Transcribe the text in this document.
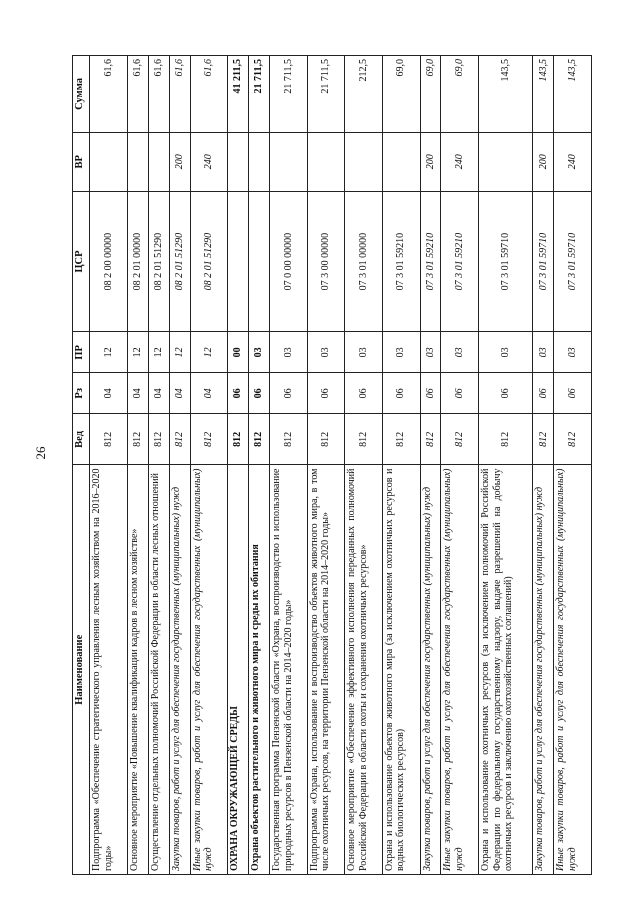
26
Наименование	Вед	Рз	ПР	ЦСР	ВР	Сумма
Подпрограмма «Обеспечение стратегического управления лесным хозяйством на 2016–2020 годы»	812	04	12	08 2 00 00000		61,6
Основное мероприятие «Повышение квалификации кадров в лесном хозяйстве»	812	04	12	08 2 01 00000		61,6
Осуществление отдельных полномочий Российской Федерации в области лесных отношений	812	04	12	08 2 01 51290		61,6
Закупка товаров, работ и услуг для обеспечения государственных (муниципальных) нужд	812	04	12	08 2 01 51290	200	61,6
Иные закупки товаров, работ и услуг для обеспечения государственных (муниципальных) нужд	812	04	12	08 2 01 51290	240	61,6
ОХРАНА ОКРУЖАЮЩЕЙ СРЕДЫ	812	06	00			41 211,5
Охрана объектов растительного и животного мира и среды их обитания	812	06	03			21 711,5
Государственная программа Пензенской области «Охрана, воспроизводство и использование природных ресурсов в Пензенской области на 2014–2020 годы»	812	06	03	07 0 00 00000		21 711,5
Подпрограмма «Охрана, использование и воспроизводство объектов животного мира, в том числе охотничьих ресурсов, на территории Пензенской области на 2014–2020 годы»	812	06	03	07 3 00 00000		21 711,5
Основное мероприятие «Обеспечение эффективного исполнения переданных полномочий Российской Федерации в области охоты и сохранения охотничьих ресурсов»	812	06	03	07 3 01 00000		212,5
Охрана и использование объектов животного мира (за исключением охотничьих ресурсов и водных биологических ресурсов)	812	06	03	07 3 01 59210		69,0
Закупка товаров, работ и услуг для обеспечения государственных (муниципальных) нужд	812	06	03	07 3 01 59210	200	69,0
Иные закупки товаров, работ и услуг для обеспечения государственных (муниципальных) нужд	812	06	03	07 3 01 59210	240	69,0
Охрана и использование охотничьих ресурсов (за исключением полномочий Российской Федерации по федеральному государственному надзору, выдаче разрешений на добычу охотничьих ресурсов и заключению охотхозяйственных соглашений)	812	06	03	07 3 01 59710		143,5
Закупка товаров, работ и услуг для обеспечения государственных (муниципальных) нужд	812	06	03	07 3 01 59710	200	143,5
Иные закупки товаров, работ и услуг для обеспечения государственных (муниципальных) нужд	812	06	03	07 3 01 59710	240	143,5
